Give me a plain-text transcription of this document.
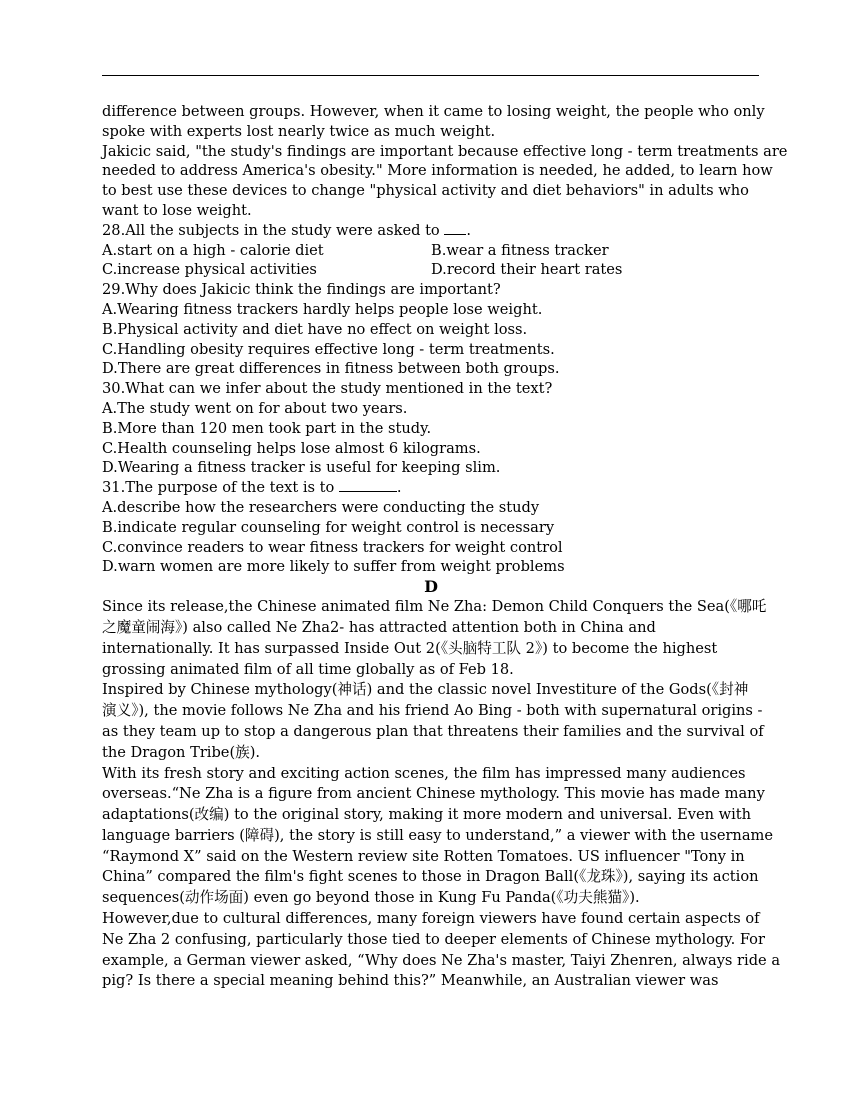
difference between groups. However, when it came to losing weight, the people who only
spoke with experts lost nearly twice as much weight.
Jakicic said, "the study's findings are important because effective long - term treatments are
needed to address America's obesity." More information is needed, he added, to learn how
to best use these devices to change "physical activity and diet behaviors" in adults who
want to lose weight.
28.All the subjects in the study were asked to .
A.start on a high - calorie diet	B.wear a fitness tracker
C.increase physical activities	D.record their heart rates
29.Why does Jakicic think the findings are important?
A.Wearing fitness trackers hardly helps people lose weight.
B.Physical activity and diet have no effect on weight loss.
C.Handling obesity requires effective long - term treatments.
D.There are great differences in fitness between both groups.
30.What can we infer about the study mentioned in the text?
A.The study went on for about two years.
B.More than 120 men took part in the study.
C.Health counseling helps lose almost 6 kilograms.
D.Wearing a fitness tracker is useful for keeping slim.
31.The purpose of the text is to	.
A.describe how the researchers were conducting the study
B.indicate regular counseling for weight control is necessary
C.convince readers to wear fitness trackers for weight control
D.warn women are more likely to suffer from weight problems
D
Since its release,the Chinese animated film Ne Zha: Demon Child Conquers the Sea(《哪吒
之魔童闹海》) also called Ne Zha2- has attracted attention both in China and
internationally. It has surpassed Inside Out 2(《头脑特工队 2》) to become the highest
grossing animated film of all time globally as of Feb 18.
Inspired by Chinese mythology(神话) and the classic novel Investiture of the Gods(《封神
演义》), the movie follows Ne Zha and his friend Ao Bing - both with supernatural origins -
as they team up to stop a dangerous plan that threatens their families and the survival of
the Dragon Tribe(族).
With its fresh story and exciting action scenes, the film has impressed many audiences
overseas.“Ne Zha is a figure from ancient Chinese mythology. This movie has made many
adaptations(改编) to the original story, making it more modern and universal. Even with
language barriers (障碍), the story is still easy to understand,” a viewer with the username
“Raymond X” said on the Western review site Rotten Tomatoes. US influencer "Tony in
China” compared the film's fight scenes to those in Dragon Ball(《龙珠》), saying its action
sequences(动作场面) even go beyond those in Kung Fu Panda(《功夫熊猫》).
However,due to cultural differences, many foreign viewers have found certain aspects of
Ne Zha 2 confusing, particularly those tied to deeper elements of Chinese mythology. For
example, a German viewer asked, “Why does Ne Zha's master, Taiyi Zhenren, always ride a
pig? Is there a special meaning behind this?” Meanwhile, an Australian viewer was
